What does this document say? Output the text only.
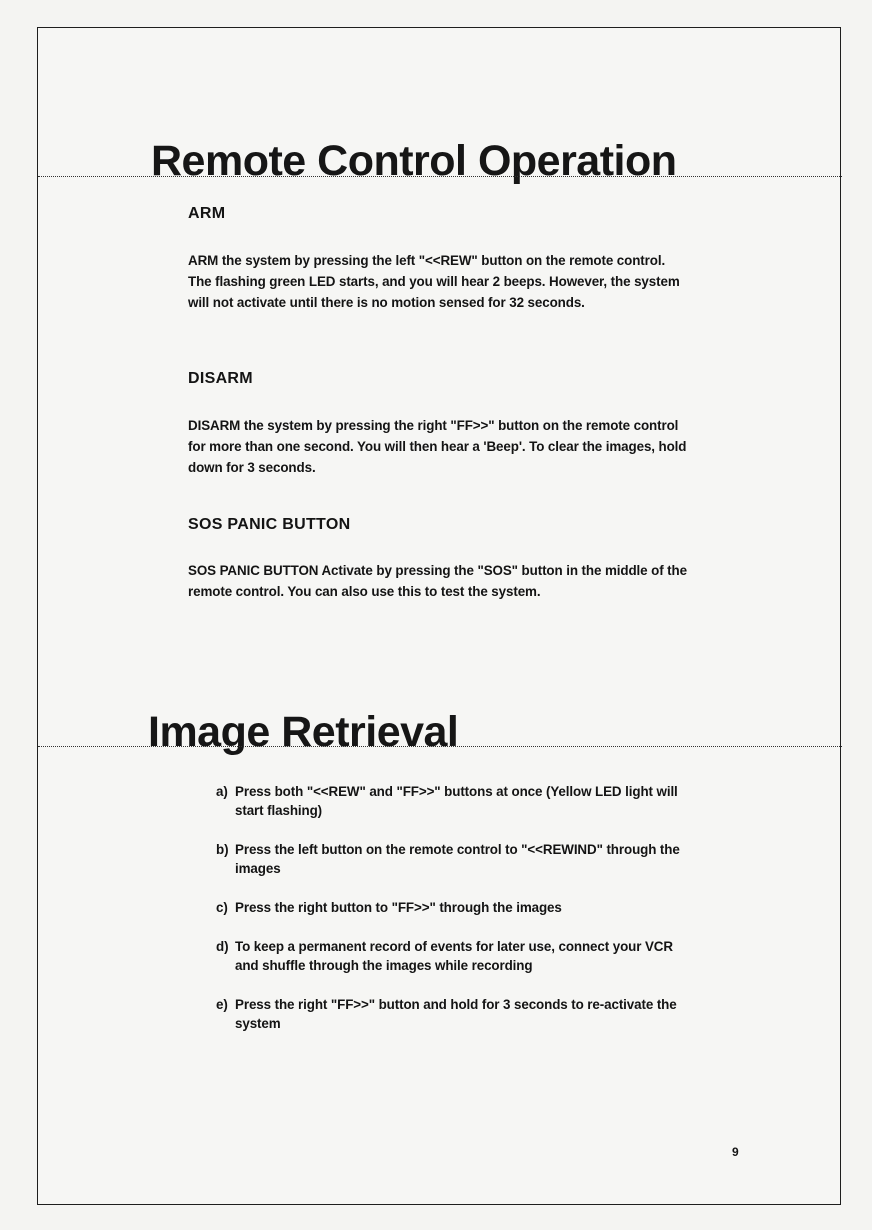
Remote Control Operation
ARM

ARM the system by pressing the left "<<REW" button on the remote control. The flashing green LED starts, and you will hear 2 beeps. However, the system will not activate until there is no motion sensed for 32 seconds.

DISARM

DISARM the system by pressing the right "FF>>" button on the remote control for more than one second. You will then hear a 'Beep'. To clear the images, hold down for 3 seconds.

SOS PANIC BUTTON

SOS PANIC BUTTON Activate by pressing the "SOS" button in the middle of the remote control. You can also use this to test the system.

Image Retrieval
a) Press both "<<REW" and "FF>>" buttons at once (Yellow LED light will start flashing)
b) Press the left button on the remote control to "<<REWIND" through the images
c) Press the right button to "FF>>" through the images
d) To keep a permanent record of events for later use, connect your VCR and shuffle through the images while recording
e) Press the right "FF>>" button and hold for 3 seconds to re-activate the system
9
